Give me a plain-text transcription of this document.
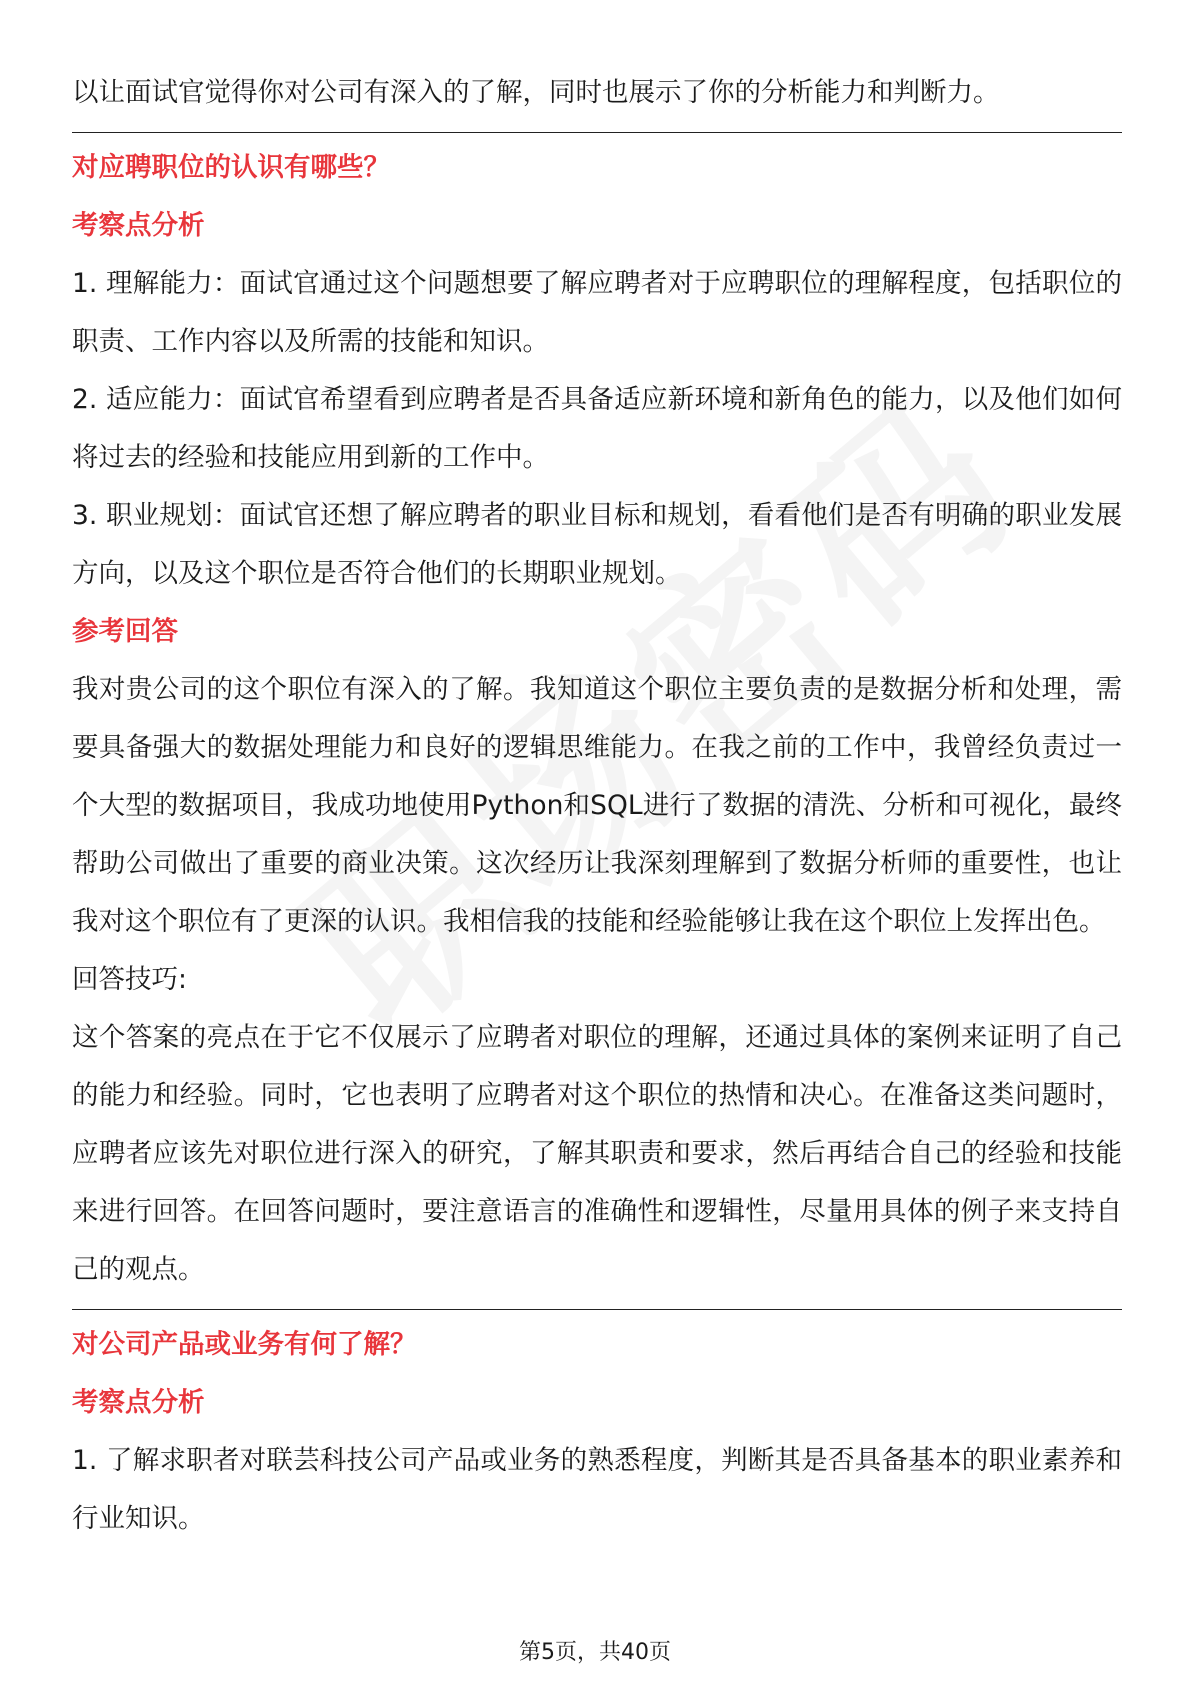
以让面试官觉得你对公司有深入的了解，同时也展示了你的分析能力和判断力。

对应聘职位的认识有哪些？

考察点分析

1. 理解能力：面试官通过这个问题想要了解应聘者对于应聘职位的理解程度，包括职位的职责、工作内容以及所需的技能和知识。

2. 适应能力：面试官希望看到应聘者是否具备适应新环境和新角色的能力，以及他们如何将过去的经验和技能应用到新的工作中。

3. 职业规划：面试官还想了解应聘者的职业目标和规划，看看他们是否有明确的职业发展方向，以及这个职位是否符合他们的长期职业规划。

参考回答

我对贵公司的这个职位有深入的了解。我知道这个职位主要负责的是数据分析和处理，需要具备强大的数据处理能力和良好的逻辑思维能力。在我之前的工作中，我曾经负责过一个大型的数据项目，我成功地使用Python和SQL进行了数据的清洗、分析和可视化，最终帮助公司做出了重要的商业决策。这次经历让我深刻理解到了数据分析师的重要性，也让我对这个职位有了更深的认识。我相信我的技能和经验能够让我在这个职位上发挥出色。

回答技巧:

这个答案的亮点在于它不仅展示了应聘者对职位的理解，还通过具体的案例来证明了自己的能力和经验。同时，它也表明了应聘者对这个职位的热情和决心。在准备这类问题时，应聘者应该先对职位进行深入的研究，了解其职责和要求，然后再结合自己的经验和技能来进行回答。在回答问题时，要注意语言的准确性和逻辑性，尽量用具体的例子来支持自己的观点。

对公司产品或业务有何了解？

考察点分析

1. 了解求职者对联芸科技公司产品或业务的熟悉程度，判断其是否具备基本的职业素养和行业知识。

第5页，共40页
